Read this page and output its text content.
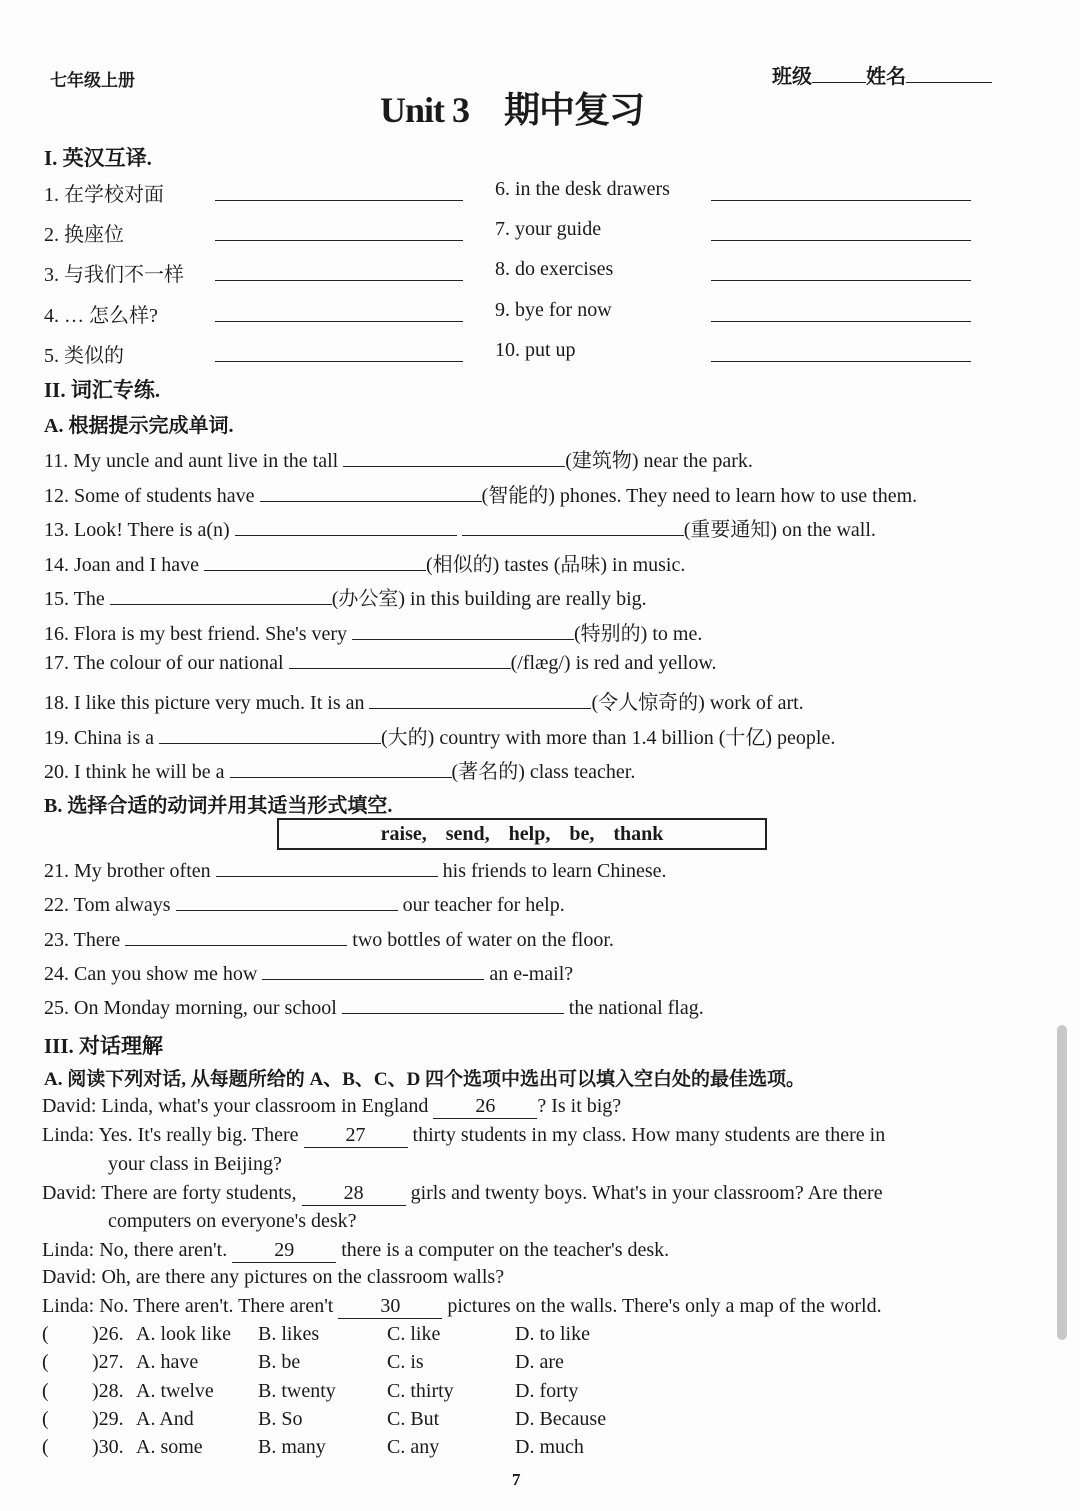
七年级上册	班级	姓名
Unit 3　期中复习
I. 英汉互译.
1. 在学校对面
2. 换座位
3. 与我们不一样
4. … 怎么样?
5. 类似的
6. in the desk drawers
7. your guide
8. do exercises
9. bye for now
10. put up
II. 词汇专练.
A. 根据提示完成单词.
11. My uncle and aunt live in the tall	(建筑物) near the park.
12. Some of students have	(智能的) phones. They need to learn how to use them.
13. Look! There is a(n)	(重要通知) on the wall.
14. Joan and I have	(相似的) tastes (品味) in music.
15. The	(办公室) in this building are really big.
16. Flora is my best friend. She's very	(特别的) to me.
17. The colour of our national	(/flæg/) is red and yellow.
18. I like this picture very much. It is an	(令人惊奇的) work of art.
19. China is a	(大的) country with more than 1.4 billion (十亿) people.
20. I think he will be a	(著名的) class teacher.
B. 选择合适的动词并用其适当形式填空.
raise, send, help, be, thank
21. My brother often	his friends to learn Chinese.
22. Tom always	our teacher for help.
23. There	two bottles of water on the floor.
24. Can you show me how	an e-mail?
25. On Monday morning, our school	the national flag.
III. 对话理解
A. 阅读下列对话, 从每题所给的 A、B、C、D 四个选项中选出可以填入空白处的最佳选项。
David: Linda, what's your classroom in England 26 ? Is it big?
Linda: Yes. It's really big. There 27 thirty students in my class. How many students are there in
your class in Beijing?
David: There are forty students, 28 girls and twenty boys. What's in your classroom? Are there
computers on everyone's desk?
Linda: No, there aren't. 29 there is a computer on the teacher's desk.
David: Oh, are there any pictures on the classroom walls?
Linda: No. There aren't. There aren't 30 pictures on the walls. There's only a map of the world.
( )26. A. look like B. likes	C. like	D. to like
( )27. A. have	B. be	C. is	D. are
( )28. A. twelve B. twenty	C. thirty	D. forty
( )29. A. And	B. So	C. But	D. Because
( )30. A. some	B. many	C. any	D. much
7
